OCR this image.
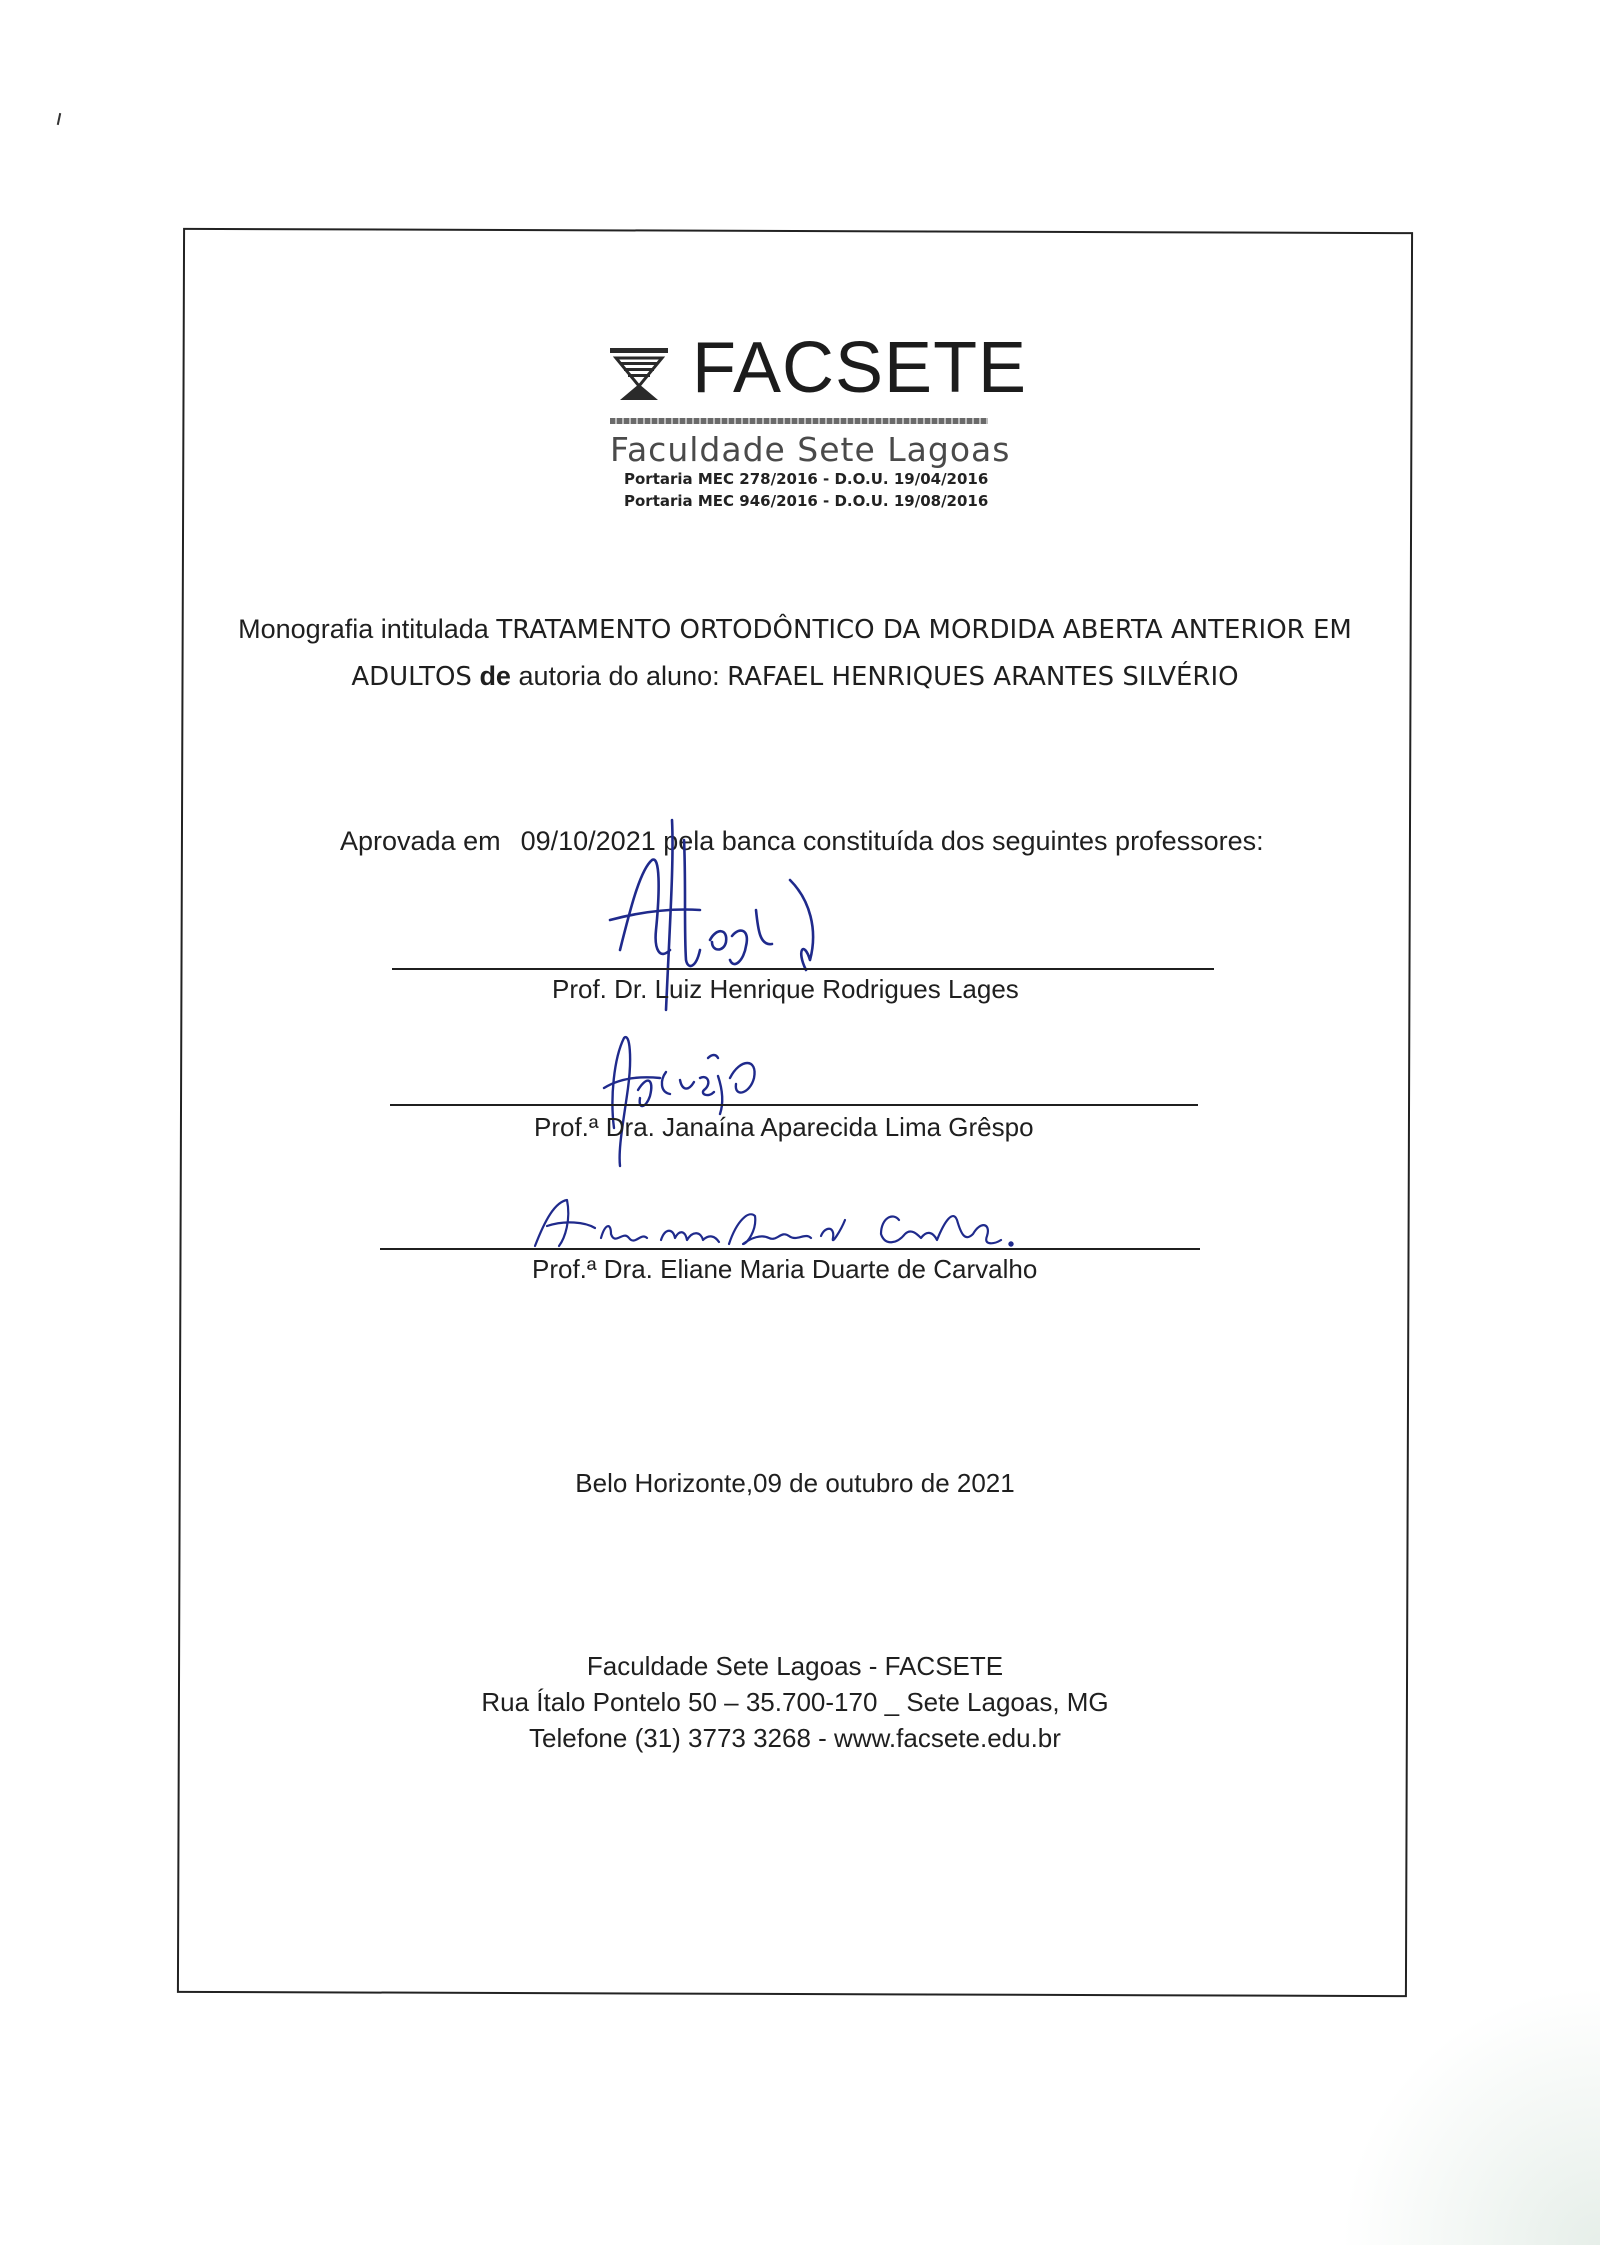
FACSETE
Faculdade Sete Lagoas
Portaria MEC 278/2016 - D.O.U. 19/04/2016
Portaria MEC 946/2016 - D.O.U. 19/08/2016
Monografia intitulada TRATAMENTO ORTODÔNTICO DA MORDIDA ABERTA ANTERIOR EM
ADULTOS de autoria do aluno: RAFAEL HENRIQUES ARANTES SILVÉRIO
Aprovada em 09/10/2021 pela banca constituída dos seguintes professores:
Prof. Dr. Luiz Henrique Rodrigues Lages
Prof.ª Dra. Janaína Aparecida Lima Grêspo
Prof.ª Dra. Eliane Maria Duarte de Carvalho
Belo Horizonte,09 de outubro de 2021
Faculdade Sete Lagoas - FACSETE
Rua Ítalo Pontelo 50 – 35.700-170 _ Sete Lagoas, MG
Telefone (31) 3773 3268 - www.facsete.edu.br
